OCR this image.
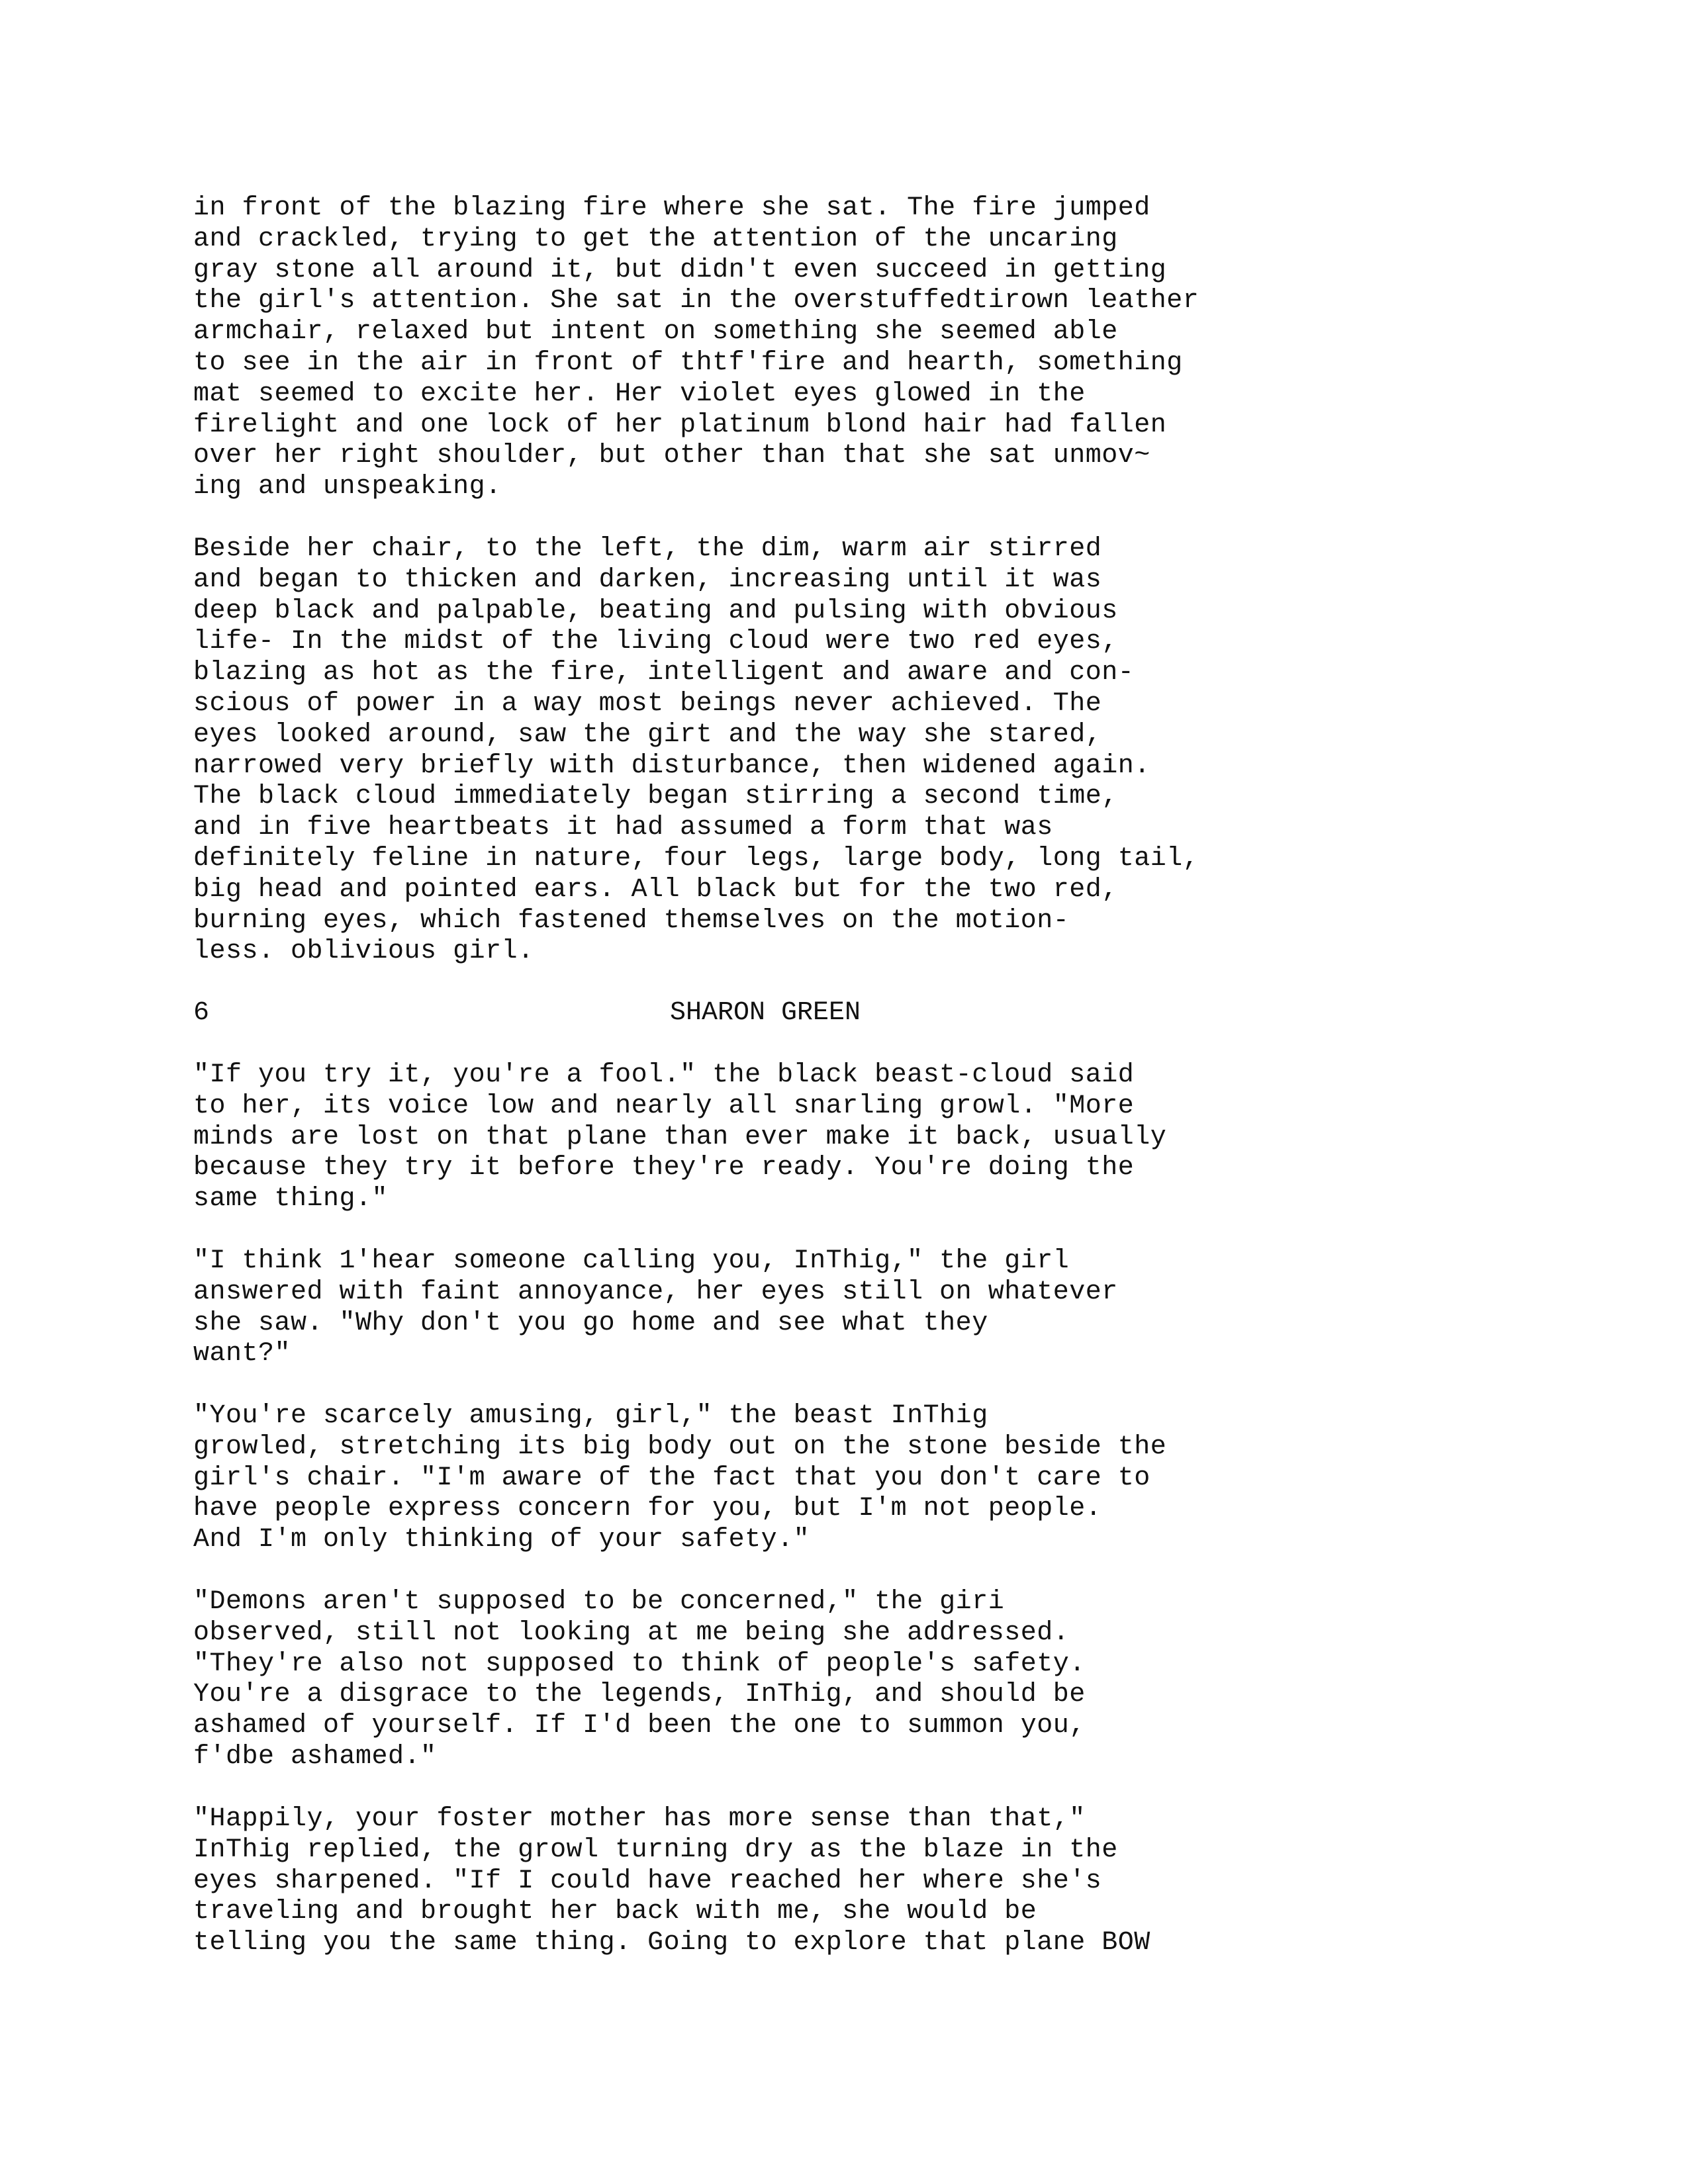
in front of the blazing fire where she sat. The fire jumped
and crackled, trying to get the attention of the uncaring
gray stone all around it, but didn't even succeed in getting
the girl's attention. She sat in the overstuffedtirown leather
armchair, relaxed but intent on something she seemed able
to see in the air in front of thtf'fire and hearth, something
mat seemed to excite her. Her violet eyes glowed in the
firelight and one lock of her platinum blond hair had fallen
over her right shoulder, but other than that she sat unmov~
ing and unspeaking.
Beside her chair, to the left, the dim, warm air stirred
and began to thicken and darken, increasing until it was
deep black and palpable, beating and pulsing with obvious
life- In the midst of the living cloud were two red eyes,
blazing as hot as the fire, intelligent and aware and con-
scious of power in a way most beings never achieved. The
eyes looked around, saw the girt and the way she stared,
narrowed very briefly with disturbance, then widened again.
The black cloud immediately began stirring a second time,
and in five heartbeats it had assumed a form that was
definitely feline in nature, four legs, large body, long tail,
big head and pointed ears. All black but for the two red,
burning eyes, which fastened themselves on the motion-
less. oblivious girl.
6	SHARON GREEN
"If you try it, you're a fool." the black beast-cloud said
to her, its voice low and nearly all snarling growl. "More
minds are lost on that plane than ever make it back, usually
because they try it before they're ready. You're doing the
same thing."
"I think 1'hear someone calling you, InThig," the girl
answered with faint annoyance, her eyes still on whatever
she saw. "Why don't you go home and see what they
want?"
"You're scarcely amusing, girl," the beast InThig
growled, stretching its big body out on the stone beside the
girl's chair. "I'm aware of the fact that you don't care to
have people express concern for you, but I'm not people.
And I'm only thinking of your safety."
"Demons aren't supposed to be concerned," the giri
observed, still not looking at me being she addressed.
"They're also not supposed to think of people's safety.
You're a disgrace to the legends, InThig, and should be
ashamed of yourself. If I'd been the one to summon you,
f'dbe ashamed."
"Happily, your foster mother has more sense than that,"
InThig replied, the growl turning dry as the blaze in the
eyes sharpened. "If I could have reached her where she's
traveling and brought her back with me, she would be
telling you the same thing. Going to explore that plane BOW
